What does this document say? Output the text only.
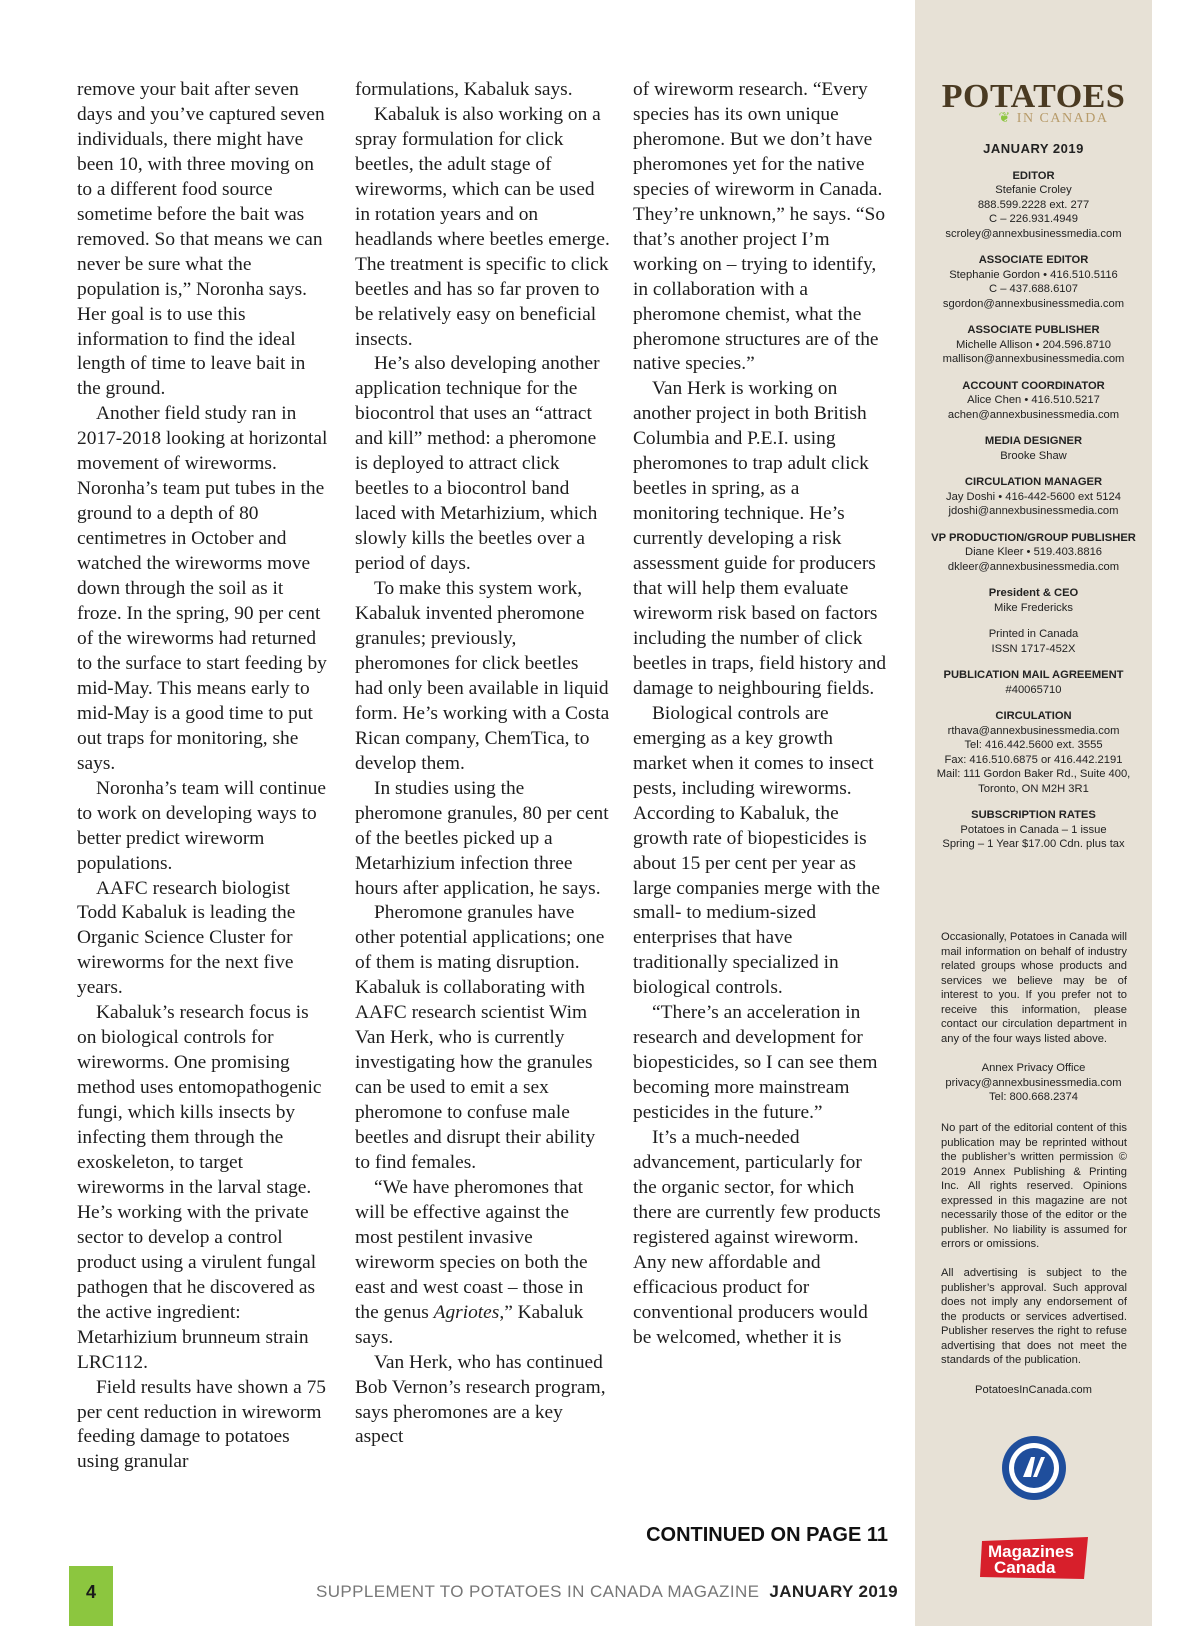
remove your bait after seven days and you’ve captured seven individuals, there might have been 10, with three moving on to a different food source sometime before the bait was removed. So that means we can never be sure what the population is,” Noronha says. Her goal is to use this information to find the ideal length of time to leave bait in the ground.

Another field study ran in 2017-2018 looking at horizontal movement of wireworms. Noronha’s team put tubes in the ground to a depth of 80 centimetres in October and watched the wireworms move down through the soil as it froze. In the spring, 90 per cent of the wireworms had returned to the surface to start feeding by mid-May. This means early to mid-May is a good time to put out traps for monitoring, she says.

Noronha’s team will continue to work on developing ways to better predict wireworm populations.

AAFC research biologist Todd Kabaluk is leading the Organic Science Cluster for wireworms for the next five years.

Kabaluk’s research focus is on biological controls for wireworms. One promising method uses entomopathogenic fungi, which kills insects by infecting them through the exoskeleton, to target wireworms in the larval stage. He’s working with the private sector to develop a control product using a virulent fungal pathogen that he discovered as the active ingredient: Metarhizium brunneum strain LRC112.

Field results have shown a 75 per cent reduction in wireworm feeding damage to potatoes using granular

formulations, Kabaluk says.

Kabaluk is also working on a spray formulation for click beetles, the adult stage of wireworms, which can be used in rotation years and on headlands where beetles emerge. The treatment is specific to click beetles and has so far proven to be relatively easy on beneficial insects.

He’s also developing another application technique for the biocontrol that uses an “attract and kill” method: a pheromone is deployed to attract click beetles to a biocontrol band laced with Metarhizium, which slowly kills the beetles over a period of days.

To make this system work, Kabaluk invented pheromone granules; previously, pheromones for click beetles had only been available in liquid form. He’s working with a Costa Rican company, ChemTica, to develop them.

In studies using the pheromone granules, 80 per cent of the beetles picked up a Metarhizium infection three hours after application, he says.

Pheromone granules have other potential applications; one of them is mating disruption. Kabaluk is collaborating with AAFC research scientist Wim Van Herk, who is currently investigating how the granules can be used to emit a sex pheromone to confuse male beetles and disrupt their ability to find females.

“We have pheromones that will be effective against the most pestilent invasive wireworm species on both the east and west coast – those in the genus Agriotes,” Kabaluk says.

Van Herk, who has continued Bob Vernon’s research program, says pheromones are a key aspect

of wireworm research. “Every species has its own unique pheromone. But we don’t have pheromones yet for the native species of wireworm in Canada. They’re unknown,” he says. “So that’s another project I’m working on – trying to identify, in collaboration with a pheromone chemist, what the pheromone structures are of the native species.”

Van Herk is working on another project in both British Columbia and P.E.I. using pheromones to trap adult click beetles in spring, as a monitoring technique. He’s currently developing a risk assessment guide for producers that will help them evaluate wireworm risk based on factors including the number of click beetles in traps, field history and damage to neighbouring fields.

Biological controls are emerging as a key growth market when it comes to insect pests, including wireworms. According to Kabaluk, the growth rate of biopesticides is about 15 per cent per year as large companies merge with the small- to medium-sized enterprises that have traditionally specialized in biological controls.

“There’s an acceleration in research and development for biopesticides, so I can see them becoming more mainstream pesticides in the future.”

It’s a much-needed advancement, particularly for the organic sector, for which there are currently few products registered against wireworm. Any new affordable and efficacious product for conventional producers would be welcomed, whether it is

CONTINUED ON PAGE 11
4	SUPPLEMENT TO POTATOES IN CANADA MAGAZINE JANUARY 2019
POTATOES
❦ IN CANADA
JANUARY 2019
EDITOR
Stefanie Croley
888.599.2228 ext. 277
C – 226.931.4949
scroley@annexbusinessmedia.com
ASSOCIATE EDITOR
Stephanie Gordon • 416.510.5116
C – 437.688.6107
sgordon@annexbusinessmedia.com
ASSOCIATE PUBLISHER
Michelle Allison • 204.596.8710
mallison@annexbusinessmedia.com
ACCOUNT COORDINATOR
Alice Chen • 416.510.5217
achen@annexbusinessmedia.com
MEDIA DESIGNER
Brooke Shaw
CIRCULATION MANAGER
Jay Doshi • 416-442-5600 ext 5124
jdoshi@annexbusinessmedia.com
VP PRODUCTION/GROUP PUBLISHER
Diane Kleer • 519.403.8816
dkleer@annexbusinessmedia.com
President & CEO
Mike Fredericks
Printed in Canada
ISSN 1717-452X
PUBLICATION MAIL AGREEMENT
#40065710
CIRCULATION
rthava@annexbusinessmedia.com
Tel: 416.442.5600 ext. 3555
Fax: 416.510.6875 or 416.442.2191
Mail: 111 Gordon Baker Rd., Suite 400,
Toronto, ON M2H 3R1
SUBSCRIPTION RATES
Potatoes in Canada – 1 issue
Spring – 1 Year $17.00 Cdn. plus tax
Occasionally, Potatoes in Canada will mail information on behalf of industry related groups whose products and services we believe may be of interest to you. If you prefer not to receive this information, please contact our circulation department in any of the four ways listed above.
Annex Privacy Office
privacy@annexbusinessmedia.com
Tel: 800.668.2374
No part of the editorial content of this publication may be reprinted without the publisher’s written permission © 2019 Annex Publishing & Printing Inc. All rights reserved. Opinions expressed in this magazine are not necessarily those of the editor or the publisher. No liability is assumed for errors or omissions.
All advertising is subject to the publisher’s approval. Such approval does not imply any endorsement of the products or services advertised. Publisher reserves the right to refuse advertising that does not meet the standards of the publication.
PotatoesInCanada.com
Magazines
Canada
